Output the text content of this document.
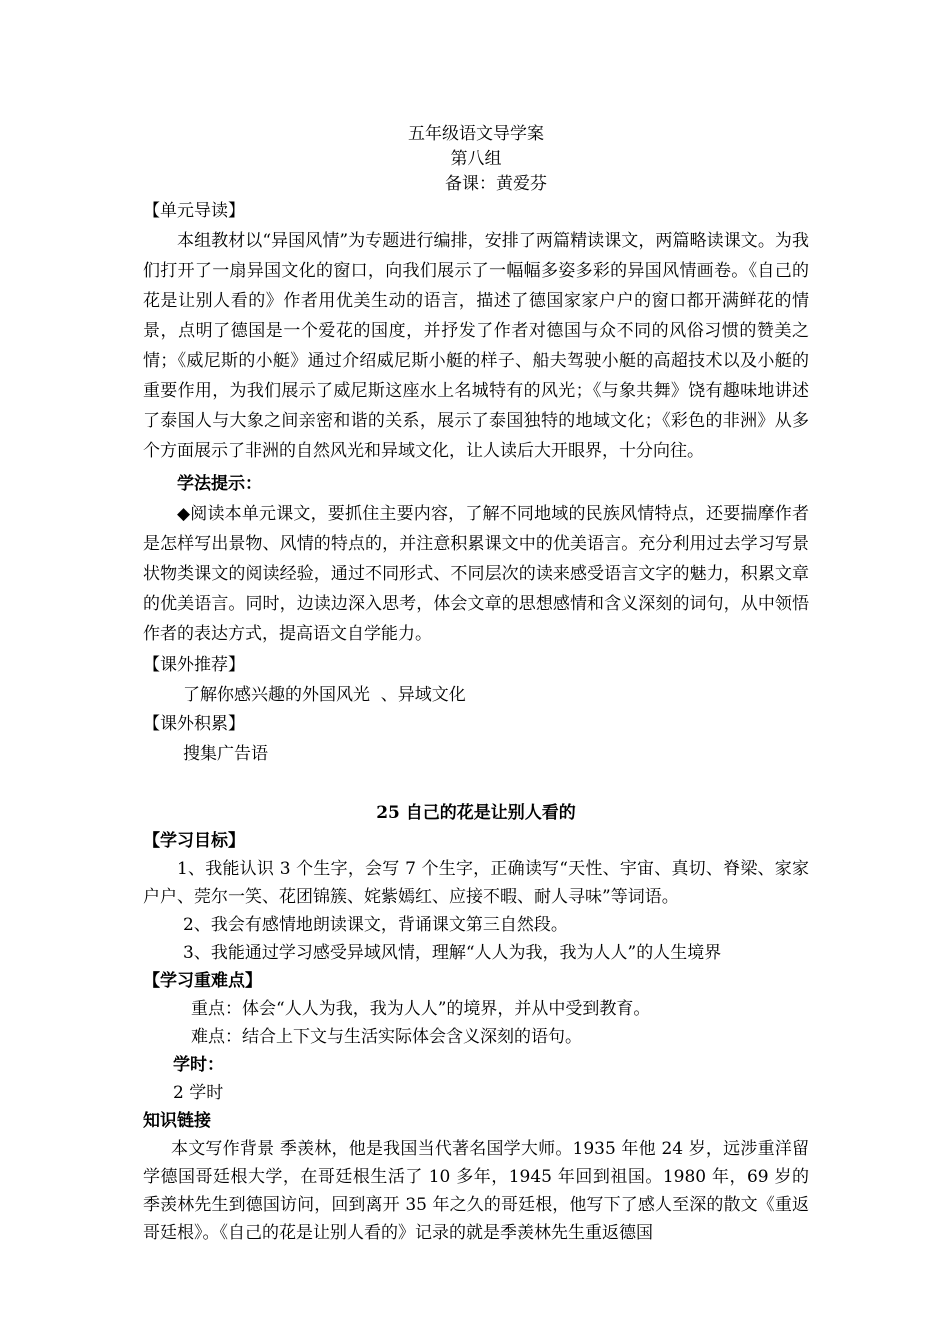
五年级语文导学案
第八组
备课：黄爱芬
【单元导读】

本组教材以“异国风情”为专题进行编排，安排了两篇精读课文，两篇略读课文。为我们打开了一扇异国文化的窗口，向我们展示了一幅幅多姿多彩的异国风情画卷。《自己的花是让别人看的》作者用优美生动的语言，描述了德国家家户户的窗口都开满鲜花的情景，点明了德国是一个爱花的国度，并抒发了作者对德国与众不同的风俗习惯的赞美之情；《威尼斯的小艇》通过介绍威尼斯小艇的样子、船夫驾驶小艇的高超技术以及小艇的重要作用，为我们展示了威尼斯这座水上名城特有的风光；《与象共舞》饶有趣味地讲述了泰国人与大象之间亲密和谐的关系，展示了泰国独特的地域文化；《彩色的非洲》从多个方面展示了非洲的自然风光和异域文化，让人读后大开眼界，十分向往。

学法提示：

◆阅读本单元课文，要抓住主要内容，了解不同地域的民族风情特点，还要揣摩作者是怎样写出景物、风情的特点的，并注意积累课文中的优美语言。充分利用过去学习写景状物类课文的阅读经验，通过不同形式、不同层次的读来感受语言文字的魅力，积累文章的优美语言。同时，边读边深入思考，体会文章的思想感情和含义深刻的词句，从中领悟作者的表达方式，提高语文自学能力。

【课外推荐】
了解你感兴趣的外国风光  、异域文化
【课外积累】
搜集广告语
25 自己的花是让别人看的
【学习目标】

1、我能认识 3 个生字，会写 7 个生字，正确读写“天性、宇宙、真切、脊梁、家家户户、莞尔一笑、花团锦簇、姹紫嫣红、应接不暇、耐人寻味”等词语。

2、我会有感情地朗读课文，背诵课文第三自然段。
3、我能通过学习感受异域风情，理解“人人为我，我为人人”的人生境界
【学习重难点】
重点：体会“人人为我，我为人人”的境界，并从中受到教育。
难点：结合上下文与生活实际体会含义深刻的语句。
学时：
2 学时
知识链接

本文写作背景 季羡林，他是我国当代著名国学大师。1935 年他 24 岁，远涉重洋留学德国哥廷根大学，在哥廷根生活了 10 多年，1945 年回到祖国。1980 年，69 岁的季羡林先生到德国访问，回到离开 35 年之久的哥廷根，他写下了感人至深的散文《重返哥廷根》。《自己的花是让别人看的》记录的就是季羡林先生重返德国
